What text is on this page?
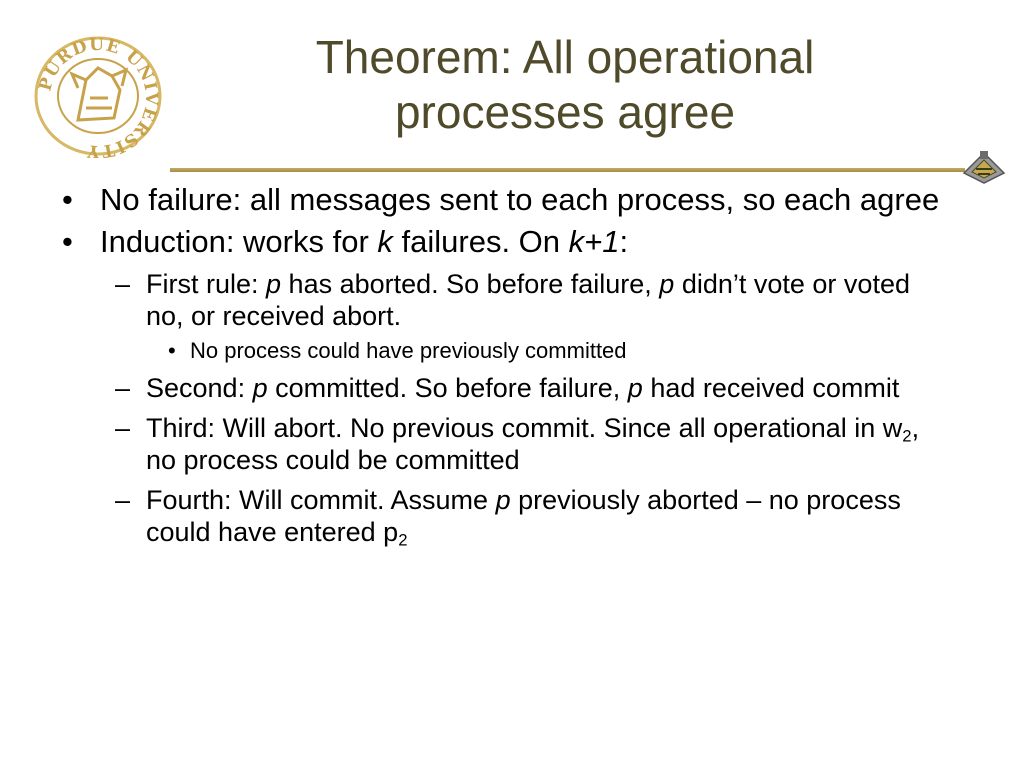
PURDUE UNIVERSITY
Theorem: All operational
processes agree
• No failure: all messages sent to each process, so each agree
• Induction: works for k failures. On k+1:
– First rule: p has aborted. So before failure, p didn’t vote or voted no, or received abort.
• No process could have previously committed
– Second: p committed. So before failure, p had received commit
– Third: Will abort. No previous commit. Since all operational in $w_2$, no process could be committed
– Fourth: Will commit. Assume p previously aborted – no process could have entered $p_2$
